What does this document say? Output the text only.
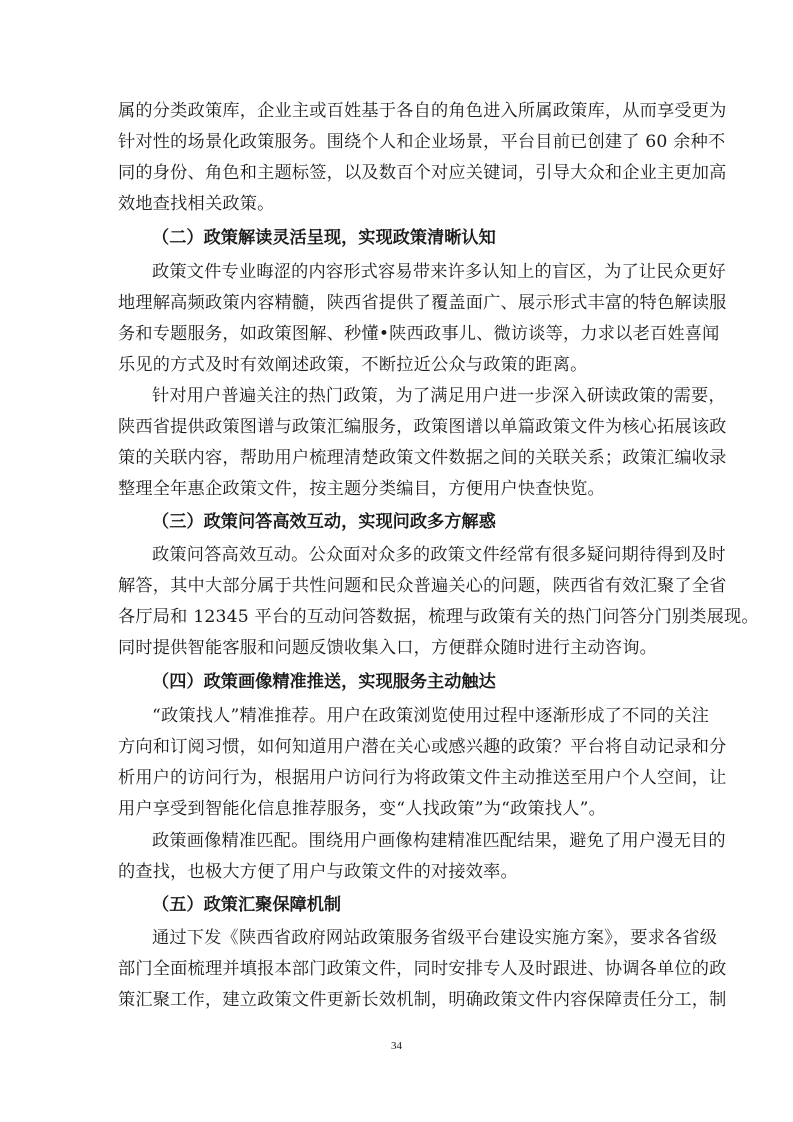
属的分类政策库，企业主或百姓基于各自的角色进入所属政策库，从而享受更为
针对性的场景化政策服务。围绕个人和企业场景，平台目前已创建了 60 余种不
同的身份、角色和主题标签，以及数百个对应关键词，引导大众和企业主更加高
效地查找相关政策。
（二）政策解读灵活呈现，实现政策清晰认知
政策文件专业晦涩的内容形式容易带来许多认知上的盲区，为了让民众更好
地理解高频政策内容精髓，陕西省提供了覆盖面广、展示形式丰富的特色解读服
务和专题服务，如政策图解、秒懂•陕西政事儿、微访谈等，力求以老百姓喜闻
乐见的方式及时有效阐述政策，不断拉近公众与政策的距离。
针对用户普遍关注的热门政策，为了满足用户进一步深入研读政策的需要，
陕西省提供政策图谱与政策汇编服务，政策图谱以单篇政策文件为核心拓展该政
策的关联内容，帮助用户梳理清楚政策文件数据之间的关联关系；政策汇编收录
整理全年惠企政策文件，按主题分类编目，方便用户快查快览。
（三）政策问答高效互动，实现问政多方解惑
政策问答高效互动。公众面对众多的政策文件经常有很多疑问期待得到及时
解答，其中大部分属于共性问题和民众普遍关心的问题，陕西省有效汇聚了全省
各厅局和 12345 平台的互动问答数据，梳理与政策有关的热门问答分门别类展现。
同时提供智能客服和问题反馈收集入口，方便群众随时进行主动咨询。
（四）政策画像精准推送，实现服务主动触达
“政策找人”精准推荐。用户在政策浏览使用过程中逐渐形成了不同的关注
方向和订阅习惯，如何知道用户潜在关心或感兴趣的政策？平台将自动记录和分
析用户的访问行为，根据用户访问行为将政策文件主动推送至用户个人空间，让
用户享受到智能化信息推荐服务，变“人找政策”为“政策找人”。
政策画像精准匹配。围绕用户画像构建精准匹配结果，避免了用户漫无目的
的查找，也极大方便了用户与政策文件的对接效率。
（五）政策汇聚保障机制
通过下发《陕西省政府网站政策服务省级平台建设实施方案》，要求各省级
部门全面梳理并填报本部门政策文件，同时安排专人及时跟进、协调各单位的政
策汇聚工作，建立政策文件更新长效机制，明确政策文件内容保障责任分工，制
34
